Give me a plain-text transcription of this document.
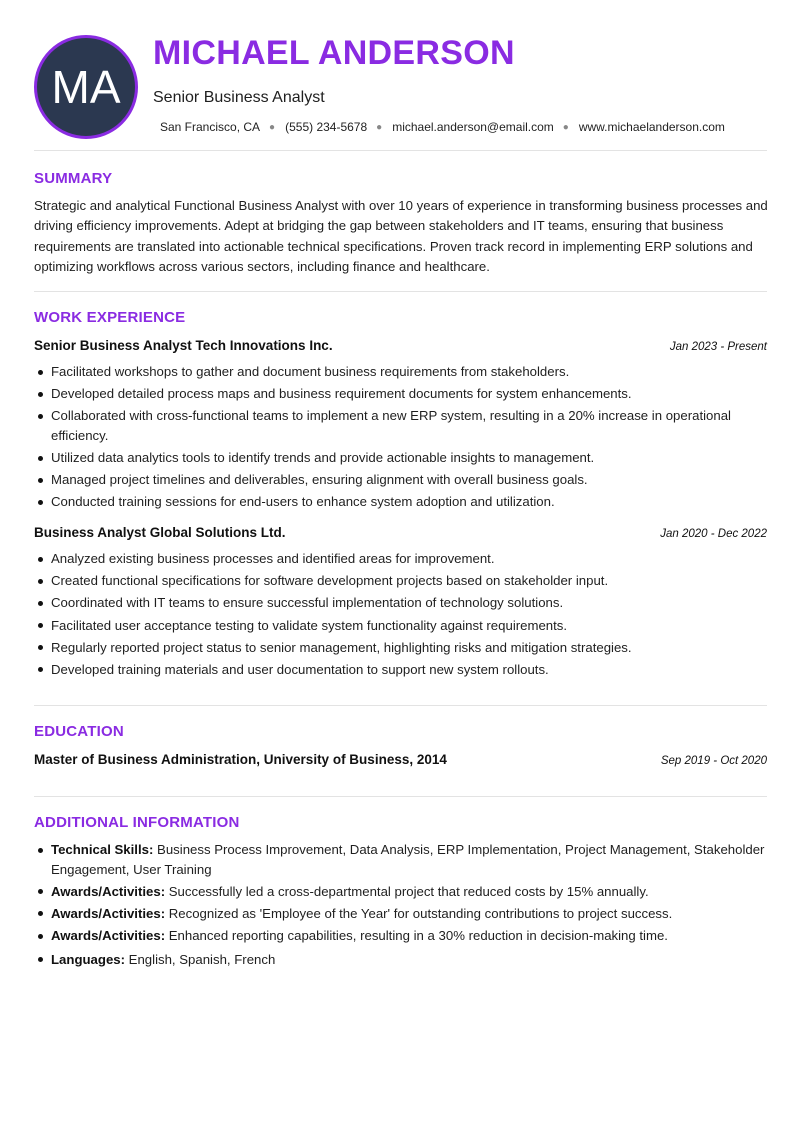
MA
MICHAEL ANDERSON
Senior Business Analyst
San Francisco, CA ● (555) 234-5678 ● michael.anderson@email.com ● www.michaelanderson.com
SUMMARY

Strategic and analytical Functional Business Analyst with over 10 years of experience in transforming business processes and driving efficiency improvements. Adept at bridging the gap between stakeholders and IT teams, ensuring that business requirements are translated into actionable technical specifications. Proven track record in implementing ERP solutions and optimizing workflows across various sectors, including finance and healthcare.

WORK EXPERIENCE
Senior Business Analyst Tech Innovations Inc.	Jan 2023 - Present
Facilitated workshops to gather and document business requirements from stakeholders.
Developed detailed process maps and business requirement documents for system enhancements.
Collaborated with cross-functional teams to implement a new ERP system, resulting in a 20% increase in operational efficiency.
Utilized data analytics tools to identify trends and provide actionable insights to management.
Managed project timelines and deliverables, ensuring alignment with overall business goals.
Conducted training sessions for end-users to enhance system adoption and utilization.
Business Analyst Global Solutions Ltd.	Jan 2020 - Dec 2022
Analyzed existing business processes and identified areas for improvement.
Created functional specifications for software development projects based on stakeholder input.
Coordinated with IT teams to ensure successful implementation of technology solutions.
Facilitated user acceptance testing to validate system functionality against requirements.
Regularly reported project status to senior management, highlighting risks and mitigation strategies.
Developed training materials and user documentation to support new system rollouts.
EDUCATION
Master of Business Administration, University of Business, 2014	Sep 2019 - Oct 2020
ADDITIONAL INFORMATION
Technical Skills: Business Process Improvement, Data Analysis, ERP Implementation, Project Management, Stakeholder Engagement, User Training
Awards/Activities: Successfully led a cross-departmental project that reduced costs by 15% annually.
Awards/Activities: Recognized as 'Employee of the Year' for outstanding contributions to project success.
Awards/Activities: Enhanced reporting capabilities, resulting in a 30% reduction in decision-making time.
Languages: English, Spanish, French
